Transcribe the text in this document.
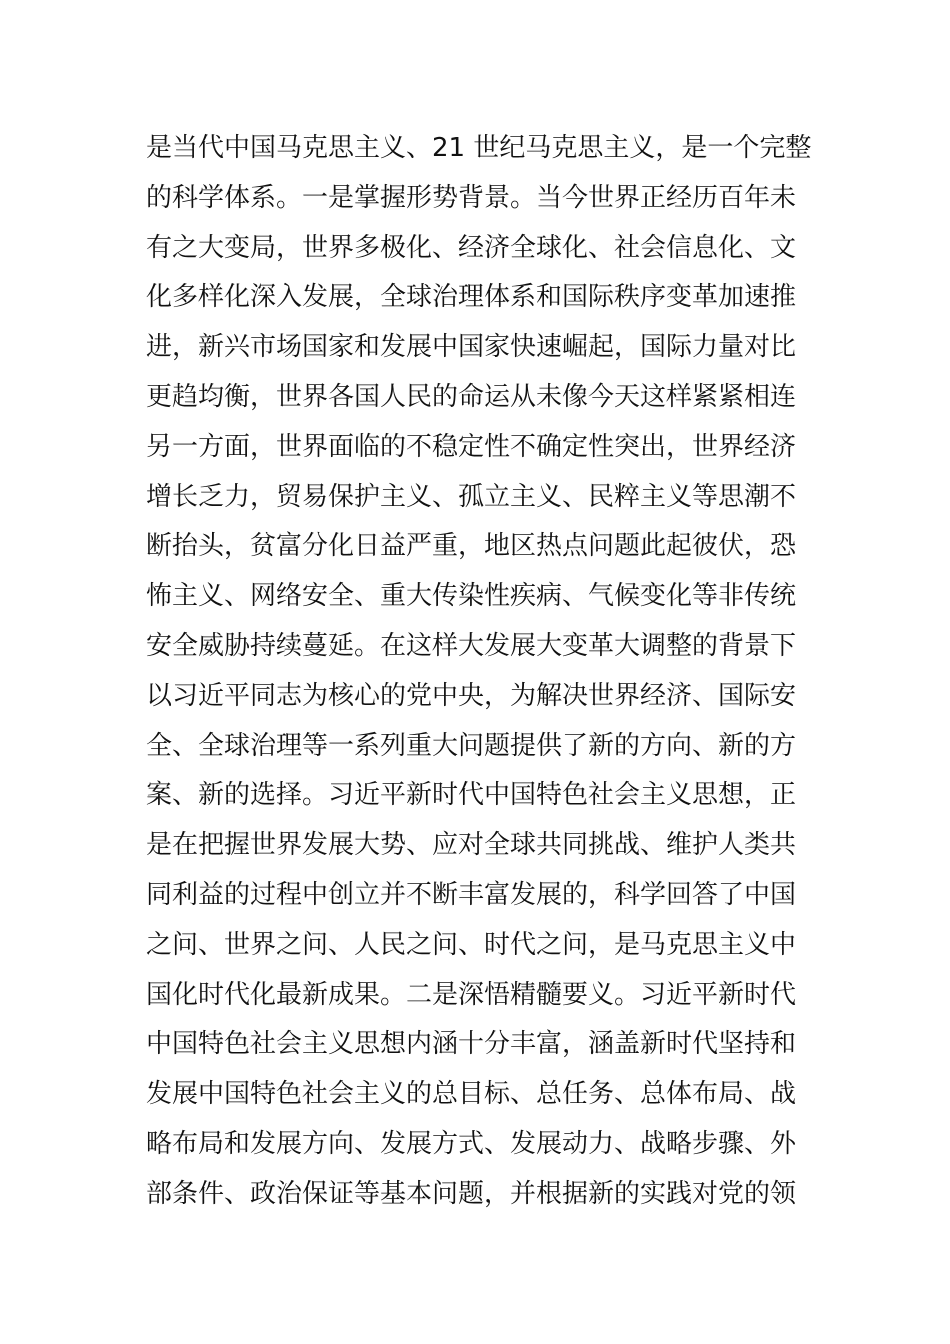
是当代中国马克思主义、21 世纪马克思主义，是一个完整
的科学体系。一是掌握形势背景。当今世界正经历百年未
有之大变局，世界多极化、经济全球化、社会信息化、文
化多样化深入发展，全球治理体系和国际秩序变革加速推
进，新兴市场国家和发展中国家快速崛起，国际力量对比
更趋均衡，世界各国人民的命运从未像今天这样紧紧相连
另一方面，世界面临的不稳定性不确定性突出，世界经济
增长乏力，贸易保护主义、孤立主义、民粹主义等思潮不
断抬头，贫富分化日益严重，地区热点问题此起彼伏，恐
怖主义、网络安全、重大传染性疾病、气候变化等非传统
安全威胁持续蔓延。在这样大发展大变革大调整的背景下
以习近平同志为核心的党中央，为解决世界经济、国际安
全、全球治理等一系列重大问题提供了新的方向、新的方
案、新的选择。习近平新时代中国特色社会主义思想，正
是在把握世界发展大势、应对全球共同挑战、维护人类共
同利益的过程中创立并不断丰富发展的，科学回答了中国
之问、世界之问、人民之问、时代之问，是马克思主义中
国化时代化最新成果。二是深悟精髓要义。习近平新时代
中国特色社会主义思想内涵十分丰富，涵盖新时代坚持和
发展中国特色社会主义的总目标、总任务、总体布局、战
略布局和发展方向、发展方式、发展动力、战略步骤、外
部条件、政治保证等基本问题，并根据新的实践对党的领
